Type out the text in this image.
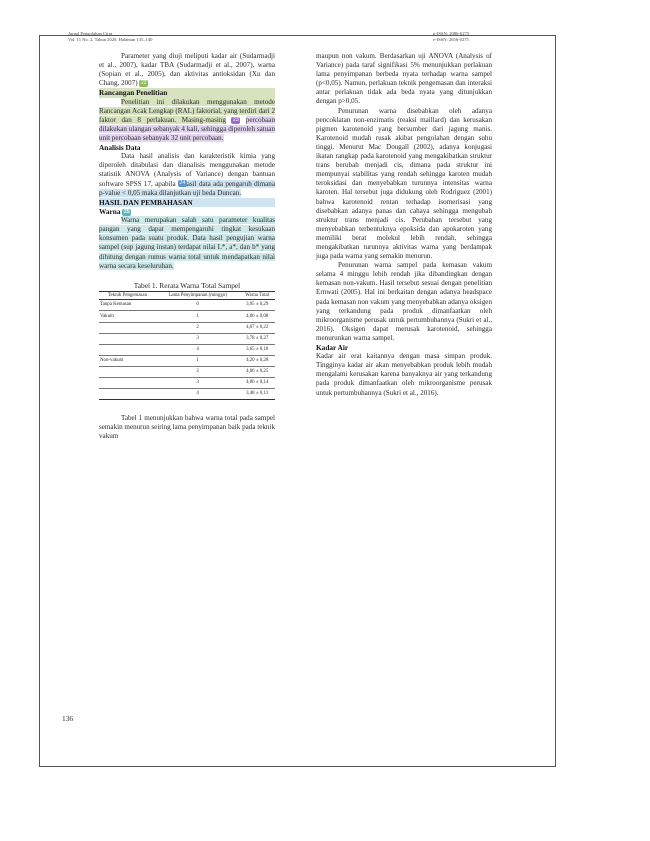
Jurnal Pengolahan Citra
Vol. 11 No. 2, Tahun 2020, Halaman 135–140
p-ISSN: 2086-6275
e-ISSN: 2656-0275

Parameter yang diuji meliputi kadar air (Sudarmadji et al., 2007), kadar TBA (Sudarmadji et al., 2007), warna (Sopian et al., 2005), dan aktivitas antioksidan (Xu dan Chang, 2007) 22

Rancangan Penelitian

Penelitian ini dilakukan menggunakan metode Rancangan Acak Lengkap (RAL) faktorial, yang terdiri dari 2 faktor dan 8 perlakuan. Masing-masing 23 percobaan dilakukan ulangan sebanyak 4 kali, sehingga diperoleh satuan unit percobaan sebanyak 32 unit percobaan.

Analisis Data

Data hasil analisis dan karakteristik kimia yang diperoleh ditabulasi dan dianalisis menggunakan metode statistik ANOVA (Analysis of Variance) dengan bantuan software SPSS 17, apabila 24 asil data ada pengaruh dimana p-value < 0,05 maka dilanjutkan uji beda Duncan.

HASIL DAN PEMBAHASAN
Warna 25

Warna merupakan salah satu parameter kualitas pangan yang dapat mempengaruhi tingkat kesukaan konsumen pada suatu produk. Data hasil pengujian warna sampel (sup jagung instan) terdapat nilai L*, a*, dan b* yang dihitung dengan rumus warna total untuk mendapatkan nilai warna secara keseluruhan.

Tabel 1. Rerata Warna Total Sampel
Teknik Pengemasan	Lama Penyimpanan (minggu)	Warna Total
Tanpa Kemasan	0	3,95 ± 0,29
Vakum	1	4,06 ± 0,08
	2	4,67 ± 0,22
	3	3,78 ± 0,27
	4	3,65 ± 0,18
Non-vakum	1	4,20 ± 0,28
	2	4,06 ± 0,25
	3	4,06 ± 0,14
	4	3,48 ± 0,13

Tabel 1 menunjukkan bahwa warna total pada sampel semakin menurun seiring lama penyimpanan baik pada teknik vakum

maupun non vakum. Berdasarkan uji ANOVA (Analysis of Variance) pada taraf signifikasi 5% menunjukkan perlakuan lama penyimpanan berbeda nyata terhadap warna sampel (p<0,05). Namun, perlakuan teknik pengemasan dan interaksi antar perlakuan tidak ada beda nyata yang ditunjukkan dengan p>0,05.

Penurunan warna disebabkan oleh adanya pencoklatan non-enzimatis (reaksi maillard) dan kerusakan pigmen karotenoid yang bersumber dari jagung manis. Karotenoid mudah rusak akibat pengolahan dengan suhu tinggi. Menurut Mac Dougall (2002), adanya konjugasi ikatan rangkap pada karotenoid yang mengakibatkan struktur trans berubah menjadi cis, dimana pada struktur ini mempunyai stabilitas yang rendah sehingga karoten mudah teroksidasi dan menyebabkan turunnya intensitas warna karoten. Hal tersebut juga didukung oleh Rodriguez (2001) bahwa karotenoid rentan terhadap isomerisasi yang disebabkan adanya panas dan cahaya sehingga mengubah struktur trans menjadi cis. Perubahan tersebut yang menyebabkan terbentuknya epoksida dan apokaroten yang memiliki berat molekul lebih rendah, sehingga mengakibatkan turunnya aktivitas warna yang berdampak juga pada warna yang semakin menurun.

Penurunan warna sampel pada kemasan vakum selama 4 minggu lebih rendah jika dibandingkan dengan kemasan non-vakum. Hasil tersebut sesuai dengan penelitian Ernwati (2005). Hal ini berkaitan dengan adanya headspace pada kemasan non vakum yang menyebabkan adanya oksigen yang terkandung pada produk dimanfaatkan oleh mikroorganisme perusak untuk pertumbuhannya (Sukri et al., 2016). Oksigen dapat merusak karotenoid, sehingga menurunkan warna sampel.

Kadar Air

Kadar air erat kaitannya dengan masa simpan produk. Tingginya kadar air akan menyebabkan produk lebih mudah mengalami kerusakan karena banyaknya air yang terkandung pada produk dimanfaatkan oleh mikroorganisme perusak untuk pertumbuhannya (Sukri et al., 2016).

136
